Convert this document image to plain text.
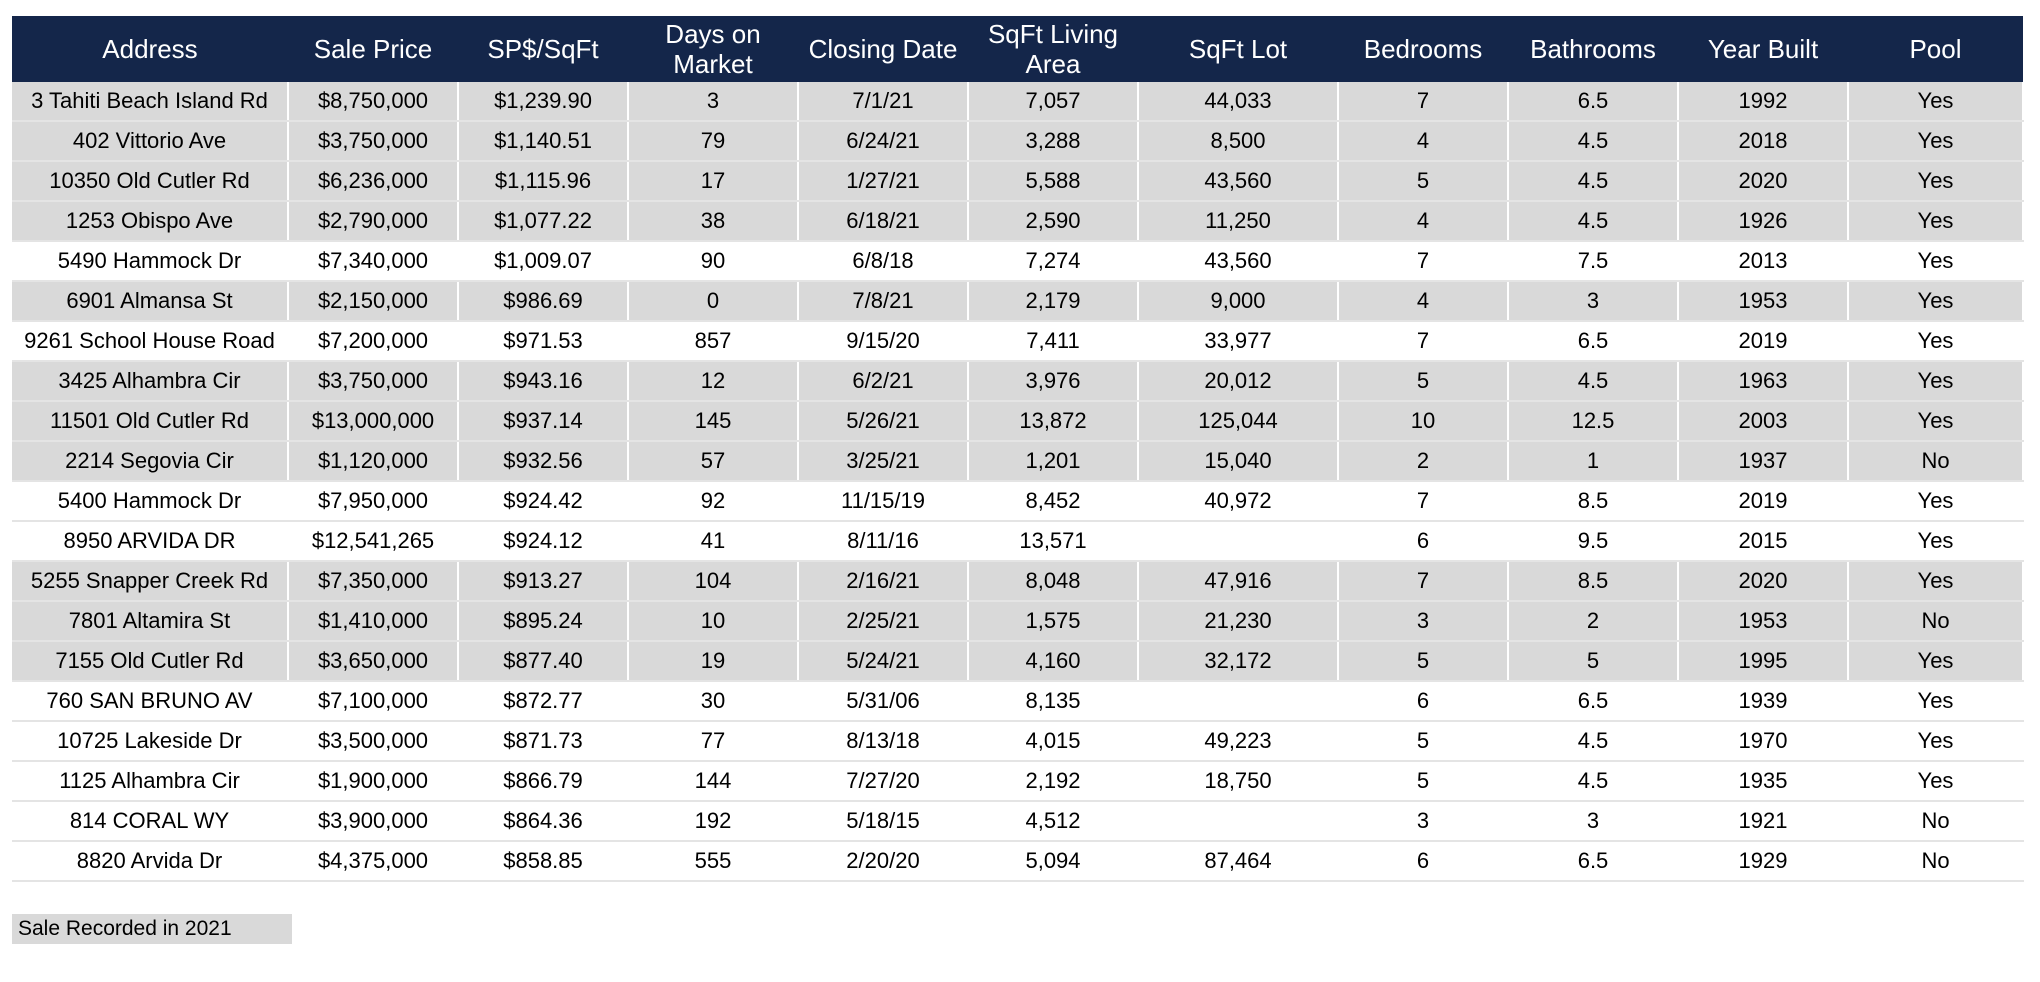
Address	Sale Price	SP$/SqFt	Days on Market	Closing Date	SqFt Living Area	SqFt Lot	Bedrooms	Bathrooms	Year Built	Pool
3 Tahiti Beach Island Rd	$8,750,000	$1,239.90	3	7/1/21	7,057	44,033	7	6.5	1992	Yes
402 Vittorio Ave	$3,750,000	$1,140.51	79	6/24/21	3,288	8,500	4	4.5	2018	Yes
10350 Old Cutler Rd	$6,236,000	$1,115.96	17	1/27/21	5,588	43,560	5	4.5	2020	Yes
1253 Obispo Ave	$2,790,000	$1,077.22	38	6/18/21	2,590	11,250	4	4.5	1926	Yes
5490 Hammock Dr	$7,340,000	$1,009.07	90	6/8/18	7,274	43,560	7	7.5	2013	Yes
6901 Almansa St	$2,150,000	$986.69	0	7/8/21	2,179	9,000	4	3	1953	Yes
9261 School House Road	$7,200,000	$971.53	857	9/15/20	7,411	33,977	7	6.5	2019	Yes
3425 Alhambra Cir	$3,750,000	$943.16	12	6/2/21	3,976	20,012	5	4.5	1963	Yes
11501 Old Cutler Rd	$13,000,000	$937.14	145	5/26/21	13,872	125,044	10	12.5	2003	Yes
2214 Segovia Cir	$1,120,000	$932.56	57	3/25/21	1,201	15,040	2	1	1937	No
5400 Hammock Dr	$7,950,000	$924.42	92	11/15/19	8,452	40,972	7	8.5	2019	Yes
8950 ARVIDA DR	$12,541,265	$924.12	41	8/11/16	13,571		6	9.5	2015	Yes
5255 Snapper Creek Rd	$7,350,000	$913.27	104	2/16/21	8,048	47,916	7	8.5	2020	Yes
7801 Altamira St	$1,410,000	$895.24	10	2/25/21	1,575	21,230	3	2	1953	No
7155 Old Cutler Rd	$3,650,000	$877.40	19	5/24/21	4,160	32,172	5	5	1995	Yes
760 SAN BRUNO AV	$7,100,000	$872.77	30	5/31/06	8,135		6	6.5	1939	Yes
10725 Lakeside Dr	$3,500,000	$871.73	77	8/13/18	4,015	49,223	5	4.5	1970	Yes
1125 Alhambra Cir	$1,900,000	$866.79	144	7/27/20	2,192	18,750	5	4.5	1935	Yes
814 CORAL WY	$3,900,000	$864.36	192	5/18/15	4,512		3	3	1921	No
8820 Arvida Dr	$4,375,000	$858.85	555	2/20/20	5,094	87,464	6	6.5	1929	No
Sale Recorded in 2021
